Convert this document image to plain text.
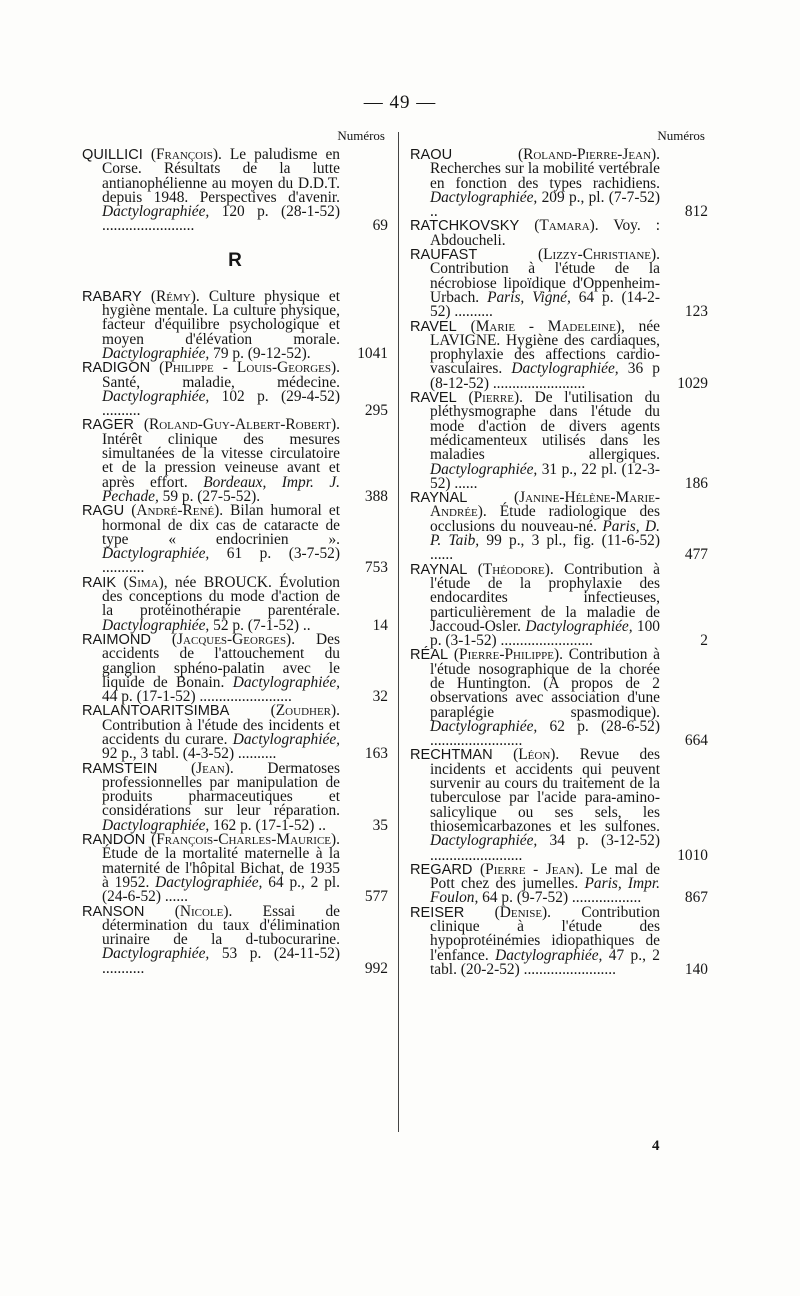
— 49 —
Numéros
QUILLICI (François). Le paludisme en Corse. Résultats de la lutte antianophélienne au moyen du D.D.T. depuis 1948. Perspectives d'avenir. Dactylographiée, 120 p. (28-1-52) ........................	69
R
RABARY (Rémy). Culture physique et hygiène mentale. La culture physique, facteur d'équilibre psychologique et moyen d'élévation morale. Dactylographiée, 79 p. (9-12-52).	1041
RADIGON (Philippe - Louis-Georges). Santé, maladie, médecine. Dactylographiée, 102 p. (29-4-52) ..........	295
RAGER (Roland-Guy-Albert-Robert). Intérêt clinique des mesures simultanées de la vitesse circulatoire et de la pression veineuse avant et après effort. Bordeaux, Impr. J. Pechade, 59 p. (27-5-52).	388
RAGU (André-René). Bilan humoral et hormonal de dix cas de cataracte de type « endocrinien ». Dactylographiée, 61 p. (3-7-52) ...........	753
RAIK (Sima), née BROUCK. Évolution des conceptions du mode d'action de la protéinothérapie parentérale. Dactylographiée, 52 p. (7-1-52) ..	14
RAIMOND (Jacques-Georges). Des accidents de l'attouchement du ganglion sphéno-palatin avec le liquide de Bonain. Dactylographiée, 44 p. (17-1-52) ........................	32
RALANTOARITSIMBA	(Zoudher). Contribution à l'étude des incidents et accidents du curare. Dactylographiée, 92 p., 3 tabl. (4-3-52) ..........	163
RAMSTEIN (Jean). Dermatoses professionnelles par manipulation de produits pharmaceutiques et considérations sur leur réparation. Dactylographiée, 162 p. (17-1-52) ..	35
RANDON (François-Charles-Maurice). Étude de la mortalité maternelle à la maternité de l'hôpital Bichat, de 1935 à 1952. Dactylographiée, 64 p., 2 pl. (24-6-52) ......	577
RANSON (Nicole). Essai de détermination du taux d'élimination urinaire de la d-tubocurarine. Dactylographiée, 53 p. (24-11-52) ...........	992
Numéros
RAOU	(Roland-Pierre-Jean). Recherches sur la mobilité vertébrale en fonction des types rachidiens. Dactylographiée, 209 p., pl. (7-7-52) ..	812
RATCHKOVSKY (Tamara). Voy. : Abdoucheli.
RAUFAST	(Lizzy-Christiane). Contribution à l'étude de la nécrobiose lipoïdique d'Oppenheim-Urbach. Paris, Vigné, 64 p. (14-2-52) ..........	123
RAVEL (Marie - Madeleine), née LAVIGNE. Hygiène des cardiaques, prophylaxie des affections cardio-vasculaires. Dactylographiée, 36 p (8-12-52) ........................	1029
RAVEL (Pierre). De l'utilisation du pléthysmographe dans l'étude du mode d'action de divers agents médicamenteux utilisés dans les maladies allergiques. Dactylographiée, 31 p., 22 pl. (12-3-52) ......	186
RAYNAL	(Janine-Hélène-Marie-Andrée). Étude radiologique des occlusions du nouveau-né. Paris, D. P. Taib, 99 p., 3 pl., fig. (11-6-52) ......	477
RAYNAL (Théodore). Contribution à l'étude de la prophylaxie des endocardites infectieuses, particulièrement de la maladie de Jaccoud-Osler. Dactylographiée, 100 p. (3-1-52) ........................	2
RÉAL (Pierre-Philippe). Contribution à l'étude nosographique de la chorée de Huntington. (A propos de 2 observations avec association d'une paraplégie spasmodique). Dactylographiée, 62 p. (28-6-52) ........................	664
RECHTMAN (Léon). Revue des incidents et accidents qui peuvent survenir au cours du traitement de la tuberculose par l'acide para-amino-salicylique ou ses sels, les thiosemicarbazones et les sulfones. Dactylographiée, 34 p. (3-12-52) ........................	1010
REGARD (Pierre - Jean). Le mal de Pott chez des jumelles. Paris, Impr. Foulon, 64 p. (9-7-52) ..................	867
REISER (Denise). Contribution clinique à l'étude des hypoprotéinémies idiopathiques de l'enfance. Dactylographiée, 47 p., 2 tabl. (20-2-52) ........................	140
4
